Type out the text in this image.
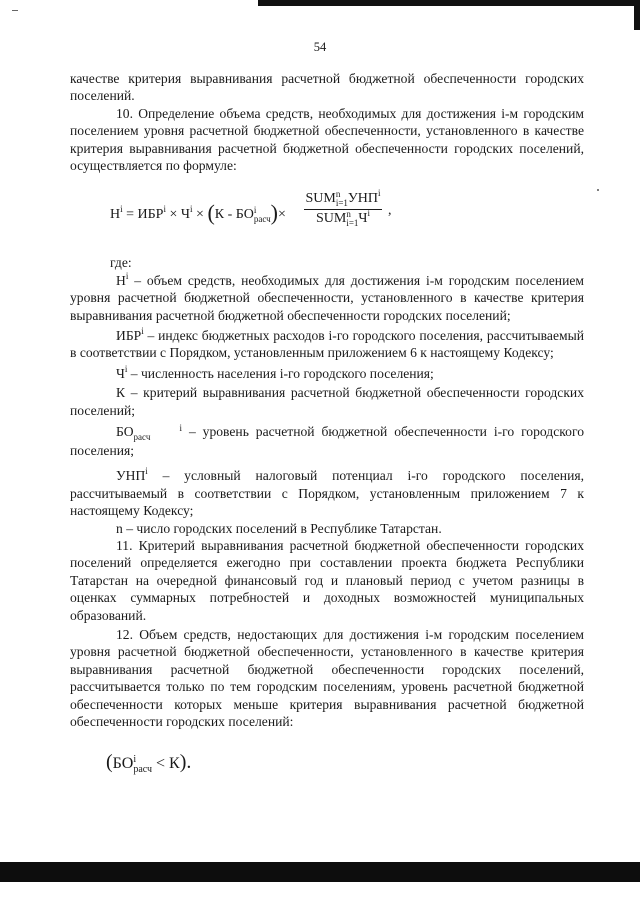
54

качестве критерия выравнивания расчетной бюджетной обеспеченности городских поселений.

10. Определение объема средств, необходимых для достижения i-м городским поселением уровня расчетной бюджетной обеспеченности, установленного в качестве критерия выравнивания расчетной бюджетной обеспеченности городских поселений, осуществляется по формуле:

$Н^i = ИБР^i \times Ч^i \times (К$ - БОi
расч)×
SUMn
$i=1УНП^i$
SUMn
$i=1Ч^i$	,

где:

$Н^i$ – объем средств, необходимых для достижения i-м городским поселением уровня расчетной бюджетной обеспеченности, установленного в качестве критерия выравнивания расчетной бюджетной обеспеченности городских поселений;

ИБР$^i$ – индекс бюджетных расходов i-го городского поселения, рассчитываемый в соответствии с Порядком, установленным приложением 6 к настоящему Кодексу;

$Ч^i$ – численность населения i-го городского поселения;

К – критерий выравнивания расчетной бюджетной обеспеченности городских поселений;

БО	i
расч – уровень расчетной бюджетной обеспеченности i-го городского поселения;

УНП$^i$ – условный налоговый потенциал i-го городского поселения, рассчитываемый в соответствии с Порядком, установленным приложением 7 к настоящему Кодексу;

n – число городских поселений в Республике Татарстан.

11. Критерий выравнивания расчетной бюджетной обеспеченности городских поселений определяется ежегодно при составлении проекта бюджета Республики Татарстан на очередной финансовый год и плановый период с учетом разницы в оценках суммарных потребностей и доходных возможностей муниципальных образований.

12. Объем средств, недостающих для достижения i-м городским поселением уровня расчетной бюджетной обеспеченности, установленного в качестве критерия выравнивания расчетной бюджетной обеспеченности городских поселений, рассчитывается только по тем городским поселениям, уровень расчетной бюджетной обеспеченности которых меньше критерия выравнивания расчетной бюджетной обеспеченности городских поселений:

(БОi
расч < К).
